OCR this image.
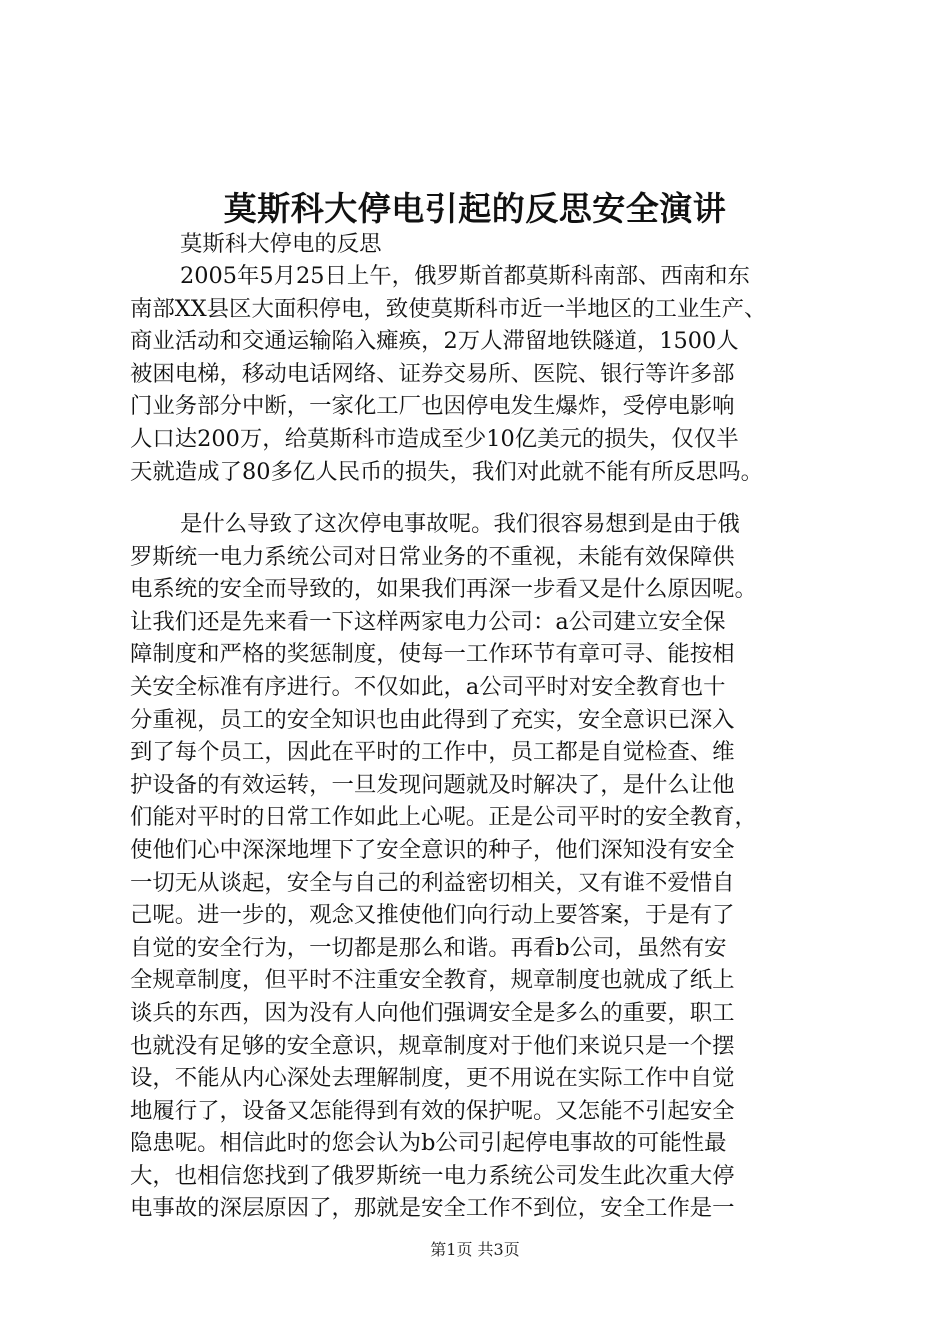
莫斯科大停电引起的反思安全演讲
莫斯科大停电的反思
2005年5月25日上午，俄罗斯首都莫斯科南部、西南和东
南部XX县区大面积停电，致使莫斯科市近一半地区的工业生产、
商业活动和交通运输陷入瘫痪，2万人滞留地铁隧道，1500人
被困电梯，移动电话网络、证券交易所、医院、银行等许多部
门业务部分中断，一家化工厂也因停电发生爆炸，受停电影响
人口达200万，给莫斯科市造成至少10亿美元的损失，仅仅半
天就造成了80多亿人民币的损失，我们对此就不能有所反思吗。
是什么导致了这次停电事故呢。我们很容易想到是由于俄
罗斯统一电力系统公司对日常业务的不重视，未能有效保障供
电系统的安全而导致的，如果我们再深一步看又是什么原因呢。
让我们还是先来看一下这样两家电力公司：a公司建立安全保
障制度和严格的奖惩制度，使每一工作环节有章可寻、能按相
关安全标准有序进行。不仅如此，a公司平时对安全教育也十
分重视，员工的安全知识也由此得到了充实，安全意识已深入
到了每个员工，因此在平时的工作中，员工都是自觉检查、维
护设备的有效运转，一旦发现问题就及时解决了，是什么让他
们能对平时的日常工作如此上心呢。正是公司平时的安全教育，
使他们心中深深地埋下了安全意识的种子，他们深知没有安全
一切无从谈起，安全与自己的利益密切相关，又有谁不爱惜自
己呢。进一步的，观念又推使他们向行动上要答案，于是有了
自觉的安全行为，一切都是那么和谐。再看b公司，虽然有安
全规章制度，但平时不注重安全教育，规章制度也就成了纸上
谈兵的东西，因为没有人向他们强调安全是多么的重要，职工
也就没有足够的安全意识，规章制度对于他们来说只是一个摆
设，不能从内心深处去理解制度，更不用说在实际工作中自觉
地履行了，设备又怎能得到有效的保护呢。又怎能不引起安全
隐患呢。相信此时的您会认为b公司引起停电事故的可能性最
大，也相信您找到了俄罗斯统一电力系统公司发生此次重大停
电事故的深层原因了，那就是安全工作不到位，安全工作是一
第1页 共3页
